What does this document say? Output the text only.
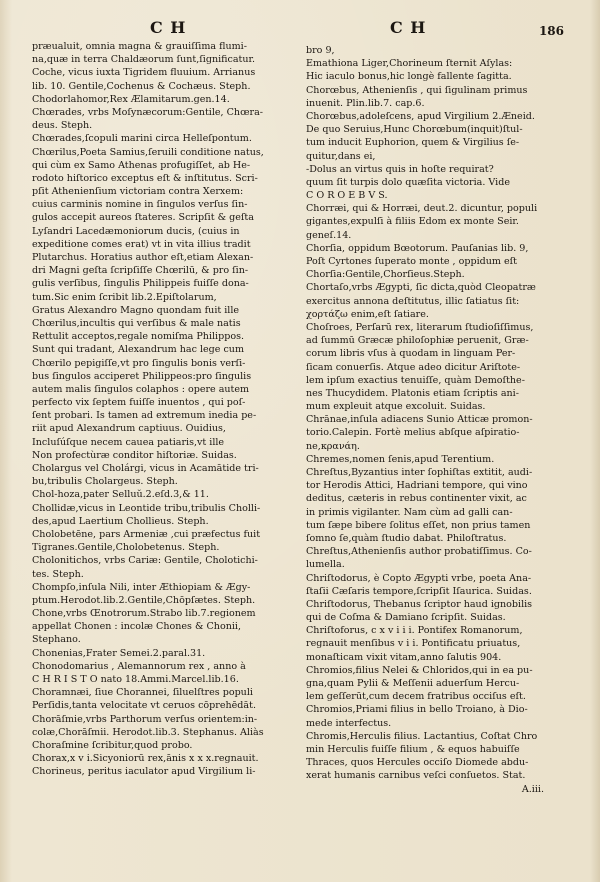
C H	C H	186
præualuit, omnia magna & grauiſſima flumi-
na,quæ in terra Chaldæorum ſunt,ſignificatur.
Coche, vicus iuxta Tigridem fluuium. Arrianus
lib. 10. Gentile,Cochenus & Cochæus. Steph.
Chodorlahomor,Rex Ælamitarum.gen.14.
Chœrades, vrbs Moſynæcorum:Gentile, Chœra-
deus. Steph.
Chœrades,ſcopuli marini circa Helleſpontum.
Chœrilus,Poeta Samius,ſeruili conditione natus,
qui cùm ex Samo Athenas profugiſſet, ab He-
rodoto hiſtorico exceptus eſt & inſtitutus. Scri-
pſit Athenienſium victoriam contra Xerxem:
cuius carminis nomine in ſingulos verſus ſin-
gulos accepit aureos ſtateres. Scripſit & geſta
Lyſandri Lacedæmoniorum ducis, (cuius in
expeditione comes erat) vt in vita illius tradit
Plutarchus. Horatius author eſt,etiam Alexan-
dri Magni geſta ſcripſiſſe Chœrilū, & pro ſin-
gulis verſibus, ſingulis Philippeis fuiſſe dona-
tum.Sic enim ſcribit lib.2.Epiſtolarum,
Gratus Alexandro Magno quondam fuit ille
Chœrilus,incultis qui verſibus & male natis
Rettulit acceptos,regale nomiſma Philippos.
Sunt qui tradant, Alexandrum hac lege cum
Chœrilo pepigiſſe,vt pro ſingulis bonis verſi-
bus ſingulos acciperet Philippeos:pro ſingulis
autem malis ſingulos colaphos : opere autem
perfecto vix ſeptem fuiſſe inuentos , qui poſ-
ſent probari. Is tamen ad extremum inedia pe-
riit apud Alexandrum captiuus. Ouidius,
Incluſúſque necem cauea patiaris,vt ille
Non profectùræ conditor hiſtoriæ. Suidas.
Cholargus vel Cholárgi, vicus in Acamātide tri-
bu,tribulis Cholargeus. Steph.
Chol-hoza,pater Selluŭ.2.eſd.3,& 11.
Chollidæ,vicus in Leontide tribu,tribulis Cholli-
des,apud Laertium Chollieus. Steph.
Cholobetēne, pars Armeniæ ,cui præfectus fuit
Tigranes.Gentile,Cholobetenus. Steph.
Cholonitichos, vrbs Cariæ: Gentile, Cholotichi-
tes. Steph.
Chompſo,inſula Nili, inter Æthiopiam & Ægy-
ptum.Herodot.lib.2.Gentile,Chōpſætes. Steph.
Chone,vrbs Œnotrorum.Strabo lib.7.regionem
appellat Chonen : incolæ Chones & Chonii,
Stephano.
Chonenias,Frater Semei.2.paral.31.
Chonodomarius , Alemannorum rex , anno à
C H R I S T O nato 18.Ammi.Marcel.lib.16.
Choramnæi, ſiue Chorannei, ſiluelſtres populi
Perſidis,tanta velocitate vt ceruos cōprehēdāt.
Chorāſmie,vrbs Parthorum verſus orientem:in-
colæ,Chorāſmii. Herodot.lib.3. Stephanus. Aliàs
Choraſmine ſcribitur,quod probo.
Chorax,x v i.Sicyoniorū rex,ānis x x x.regnauit.
Chorineus, peritus iaculator apud Virgilium li-
bro 9,
Emathiona Liger,Chorineum ſternit Aſylas:
Hic iaculo bonus,hic longè fallente ſagitta.
Chorœbus, Athenienſis , qui ſigulinam primus
inuenit. Plin.lib.7. cap.6.
Chorœbus,adoleſcens, apud Virgilium 2.Æneid.
De quo Seruius,Hunc Chorœbum(inquit)ſtul-
tum inducit Euphorion, quem & Virgilius ſe-
quitur,dans ei,
-Dolus an virtus quis in hoſte requirat?
quum ſit turpis dolo quæſita victoria. Vide
C O R O E B V S.
Chorræi, qui & Horræi, deut.2. dicuntur, populi
gigantes,expulſi à filiis Edom ex monte Seir.
geneſ.14.
Chorſia, oppidum Bœotorum. Pauſanias lib. 9,
Poſt Cyrtones ſuperato monte , oppidum eſt
Chorſia:Gentile,Chorſieus.Steph.
Chortaſo,vrbs Ægypti, ſic dicta,quòd Cleopatræ
exercitus annona deſtitutus, illic ſatiatus ſit:
χορτάζω enim,eſt ſatiare.
Choſroes, Perſarū rex, literarum ſtudioſiſſimus,
ad ſummū Græcæ philoſophiæ peruenit, Græ-
corum libris vſus à quodam in linguam Per-
ſicam conuerſis. Atque adeo dicitur Ariſtote-
lem ipſum exactius tenuiſſe, quàm Demoſthe-
nes Thucydidem. Platonis etiam ſcriptis ani-
mum expleuit atque excoluit. Suidas.
Chrānae,inſula adiacens Sunio Atticæ promon-
torio.Calepin. Fortè melius abſque aſpiratio-
ne,κρανάη.
Chremes,nomen ſenis,apud Terentium.
Chreſtus,Byzantius inter ſophiſtas extitit, audi-
tor Herodis Attici, Hadriani tempore, qui vino
deditus, cæteris in rebus continenter vixit, ac
in primis vigilanter. Nam cùm ad galli can-
tum ſæpe bibere ſolitus eſſet, non prius tamen
ſomno ſe,quàm ſtudio dabat. Philoſtratus.
Chreſtus,Athenienſis author probatiſſimus. Co-
lumella.
Chriſtodorus, è Copto Ægypti vrbe, poeta Ana-
ſtaſii Cæſaris tempore,ſcripſit Iſaurica. Suidas.
Chriſtodorus, Thebanus ſcriptor haud ignobilis
qui de Coſma & Damiano ſcripſit. Suidas.
Chriſtoforus, c x v i i i. Pontifex Romanorum,
regnauit menſibus v i i. Pontificatu priuatus,
monaſticam vixit vitam,anno ſalutis 904.
Chromios,filius Nelei & Chloridos,qui in ea pu-
gna,quam Pylii & Meſſenii aduerſum Hercu-
lem geſſerūt,cum decem fratribus occiſus eſt.
Chromios,Priami filius in bello Troiano, à Dio-
mede interfectus.
Chromis,Herculis filius. Lactantius, Coſtat Chro
min Herculis fuiſſe filium , & equos habuiſſe
Thraces, quos Hercules occiſo Diomede abdu-
xerat humanis carnibus veſci conſuetos. Stat.
A.iii.
